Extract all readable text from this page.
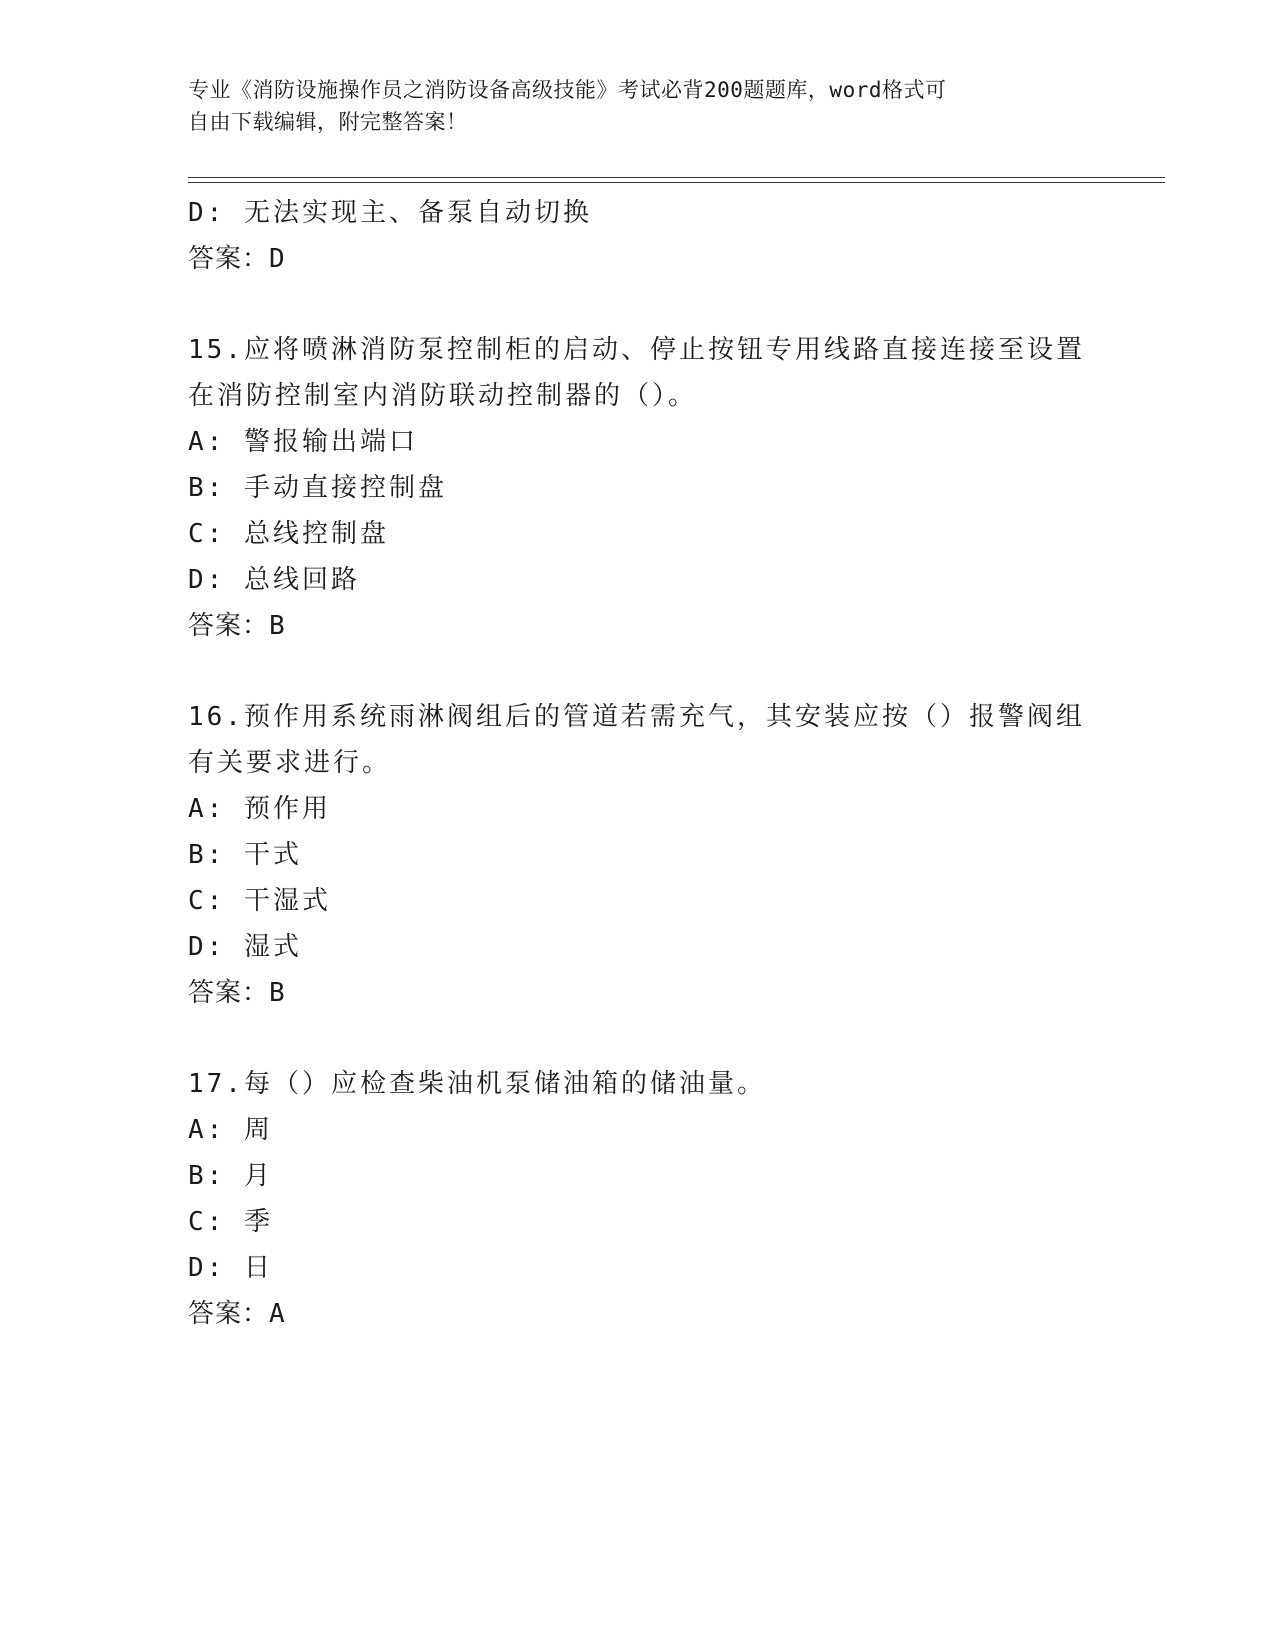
专业《消防设施操作员之消防设备高级技能》考试必背200题题库，word格式可
自由下载编辑，附完整答案！
D: 无法实现主、备泵自动切换
答案：D
15.应将喷淋消防泵控制柜的启动、停止按钮专用线路直接连接至设置
在消防控制室内消防联动控制器的（）。
A: 警报输出端口
B: 手动直接控制盘
C: 总线控制盘
D: 总线回路
答案：B
16.预作用系统雨淋阀组后的管道若需充气，其安装应按（）报警阀组
有关要求进行。
A: 预作用
B: 干式
C: 干湿式
D: 湿式
答案：B
17.每（）应检查柴油机泵储油箱的储油量。
A: 周
B: 月
C: 季
D: 日
答案：A
